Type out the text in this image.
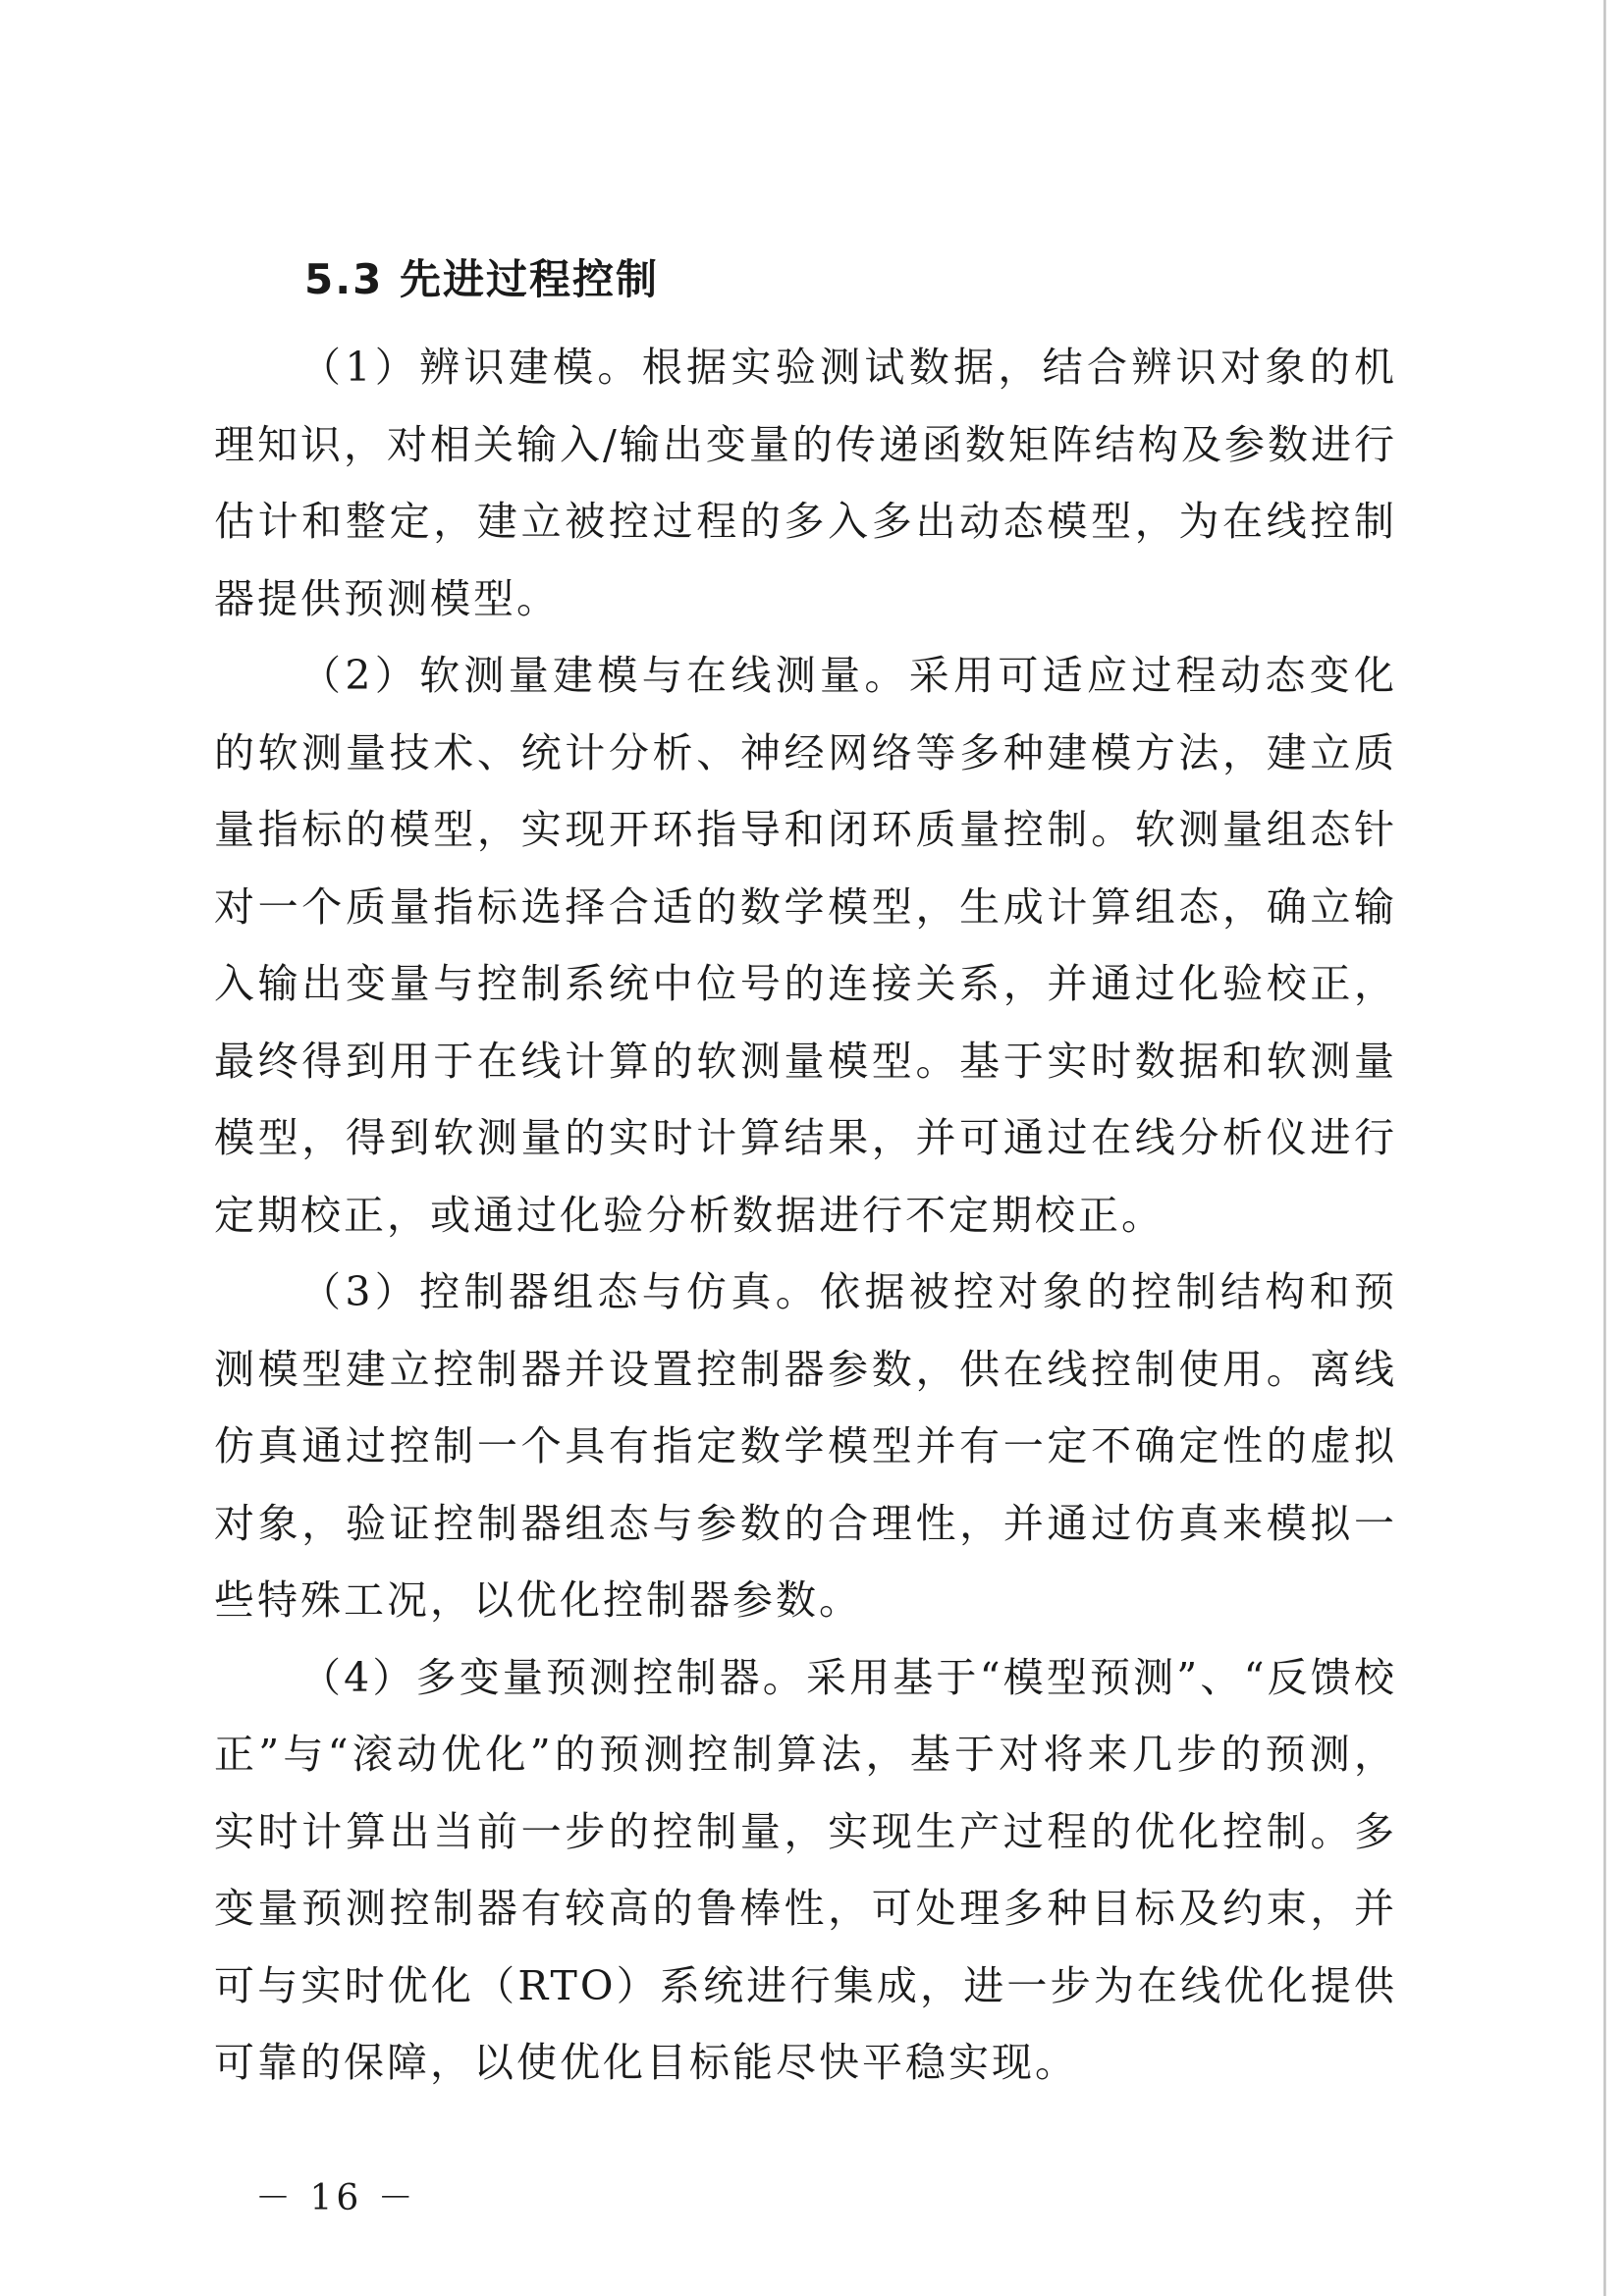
5.3 先进过程控制

（1）辨识建模。根据实验测试数据，结合辨识对象的机理知识，对相关输入/输出变量的传递函数矩阵结构及参数进行估计和整定，建立被控过程的多入多出动态模型，为在线控制器提供预测模型。

（2）软测量建模与在线测量。采用可适应过程动态变化的软测量技术、统计分析、神经网络等多种建模方法，建立质量指标的模型，实现开环指导和闭环质量控制。软测量组态针对一个质量指标选择合适的数学模型，生成计算组态，确立输入输出变量与控制系统中位号的连接关系，并通过化验校正，最终得到用于在线计算的软测量模型。基于实时数据和软测量模型，得到软测量的实时计算结果，并可通过在线分析仪进行定期校正，或通过化验分析数据进行不定期校正。

（3）控制器组态与仿真。依据被控对象的控制结构和预测模型建立控制器并设置控制器参数，供在线控制使用。离线仿真通过控制一个具有指定数学模型并有一定不确定性的虚拟对象，验证控制器组态与参数的合理性，并通过仿真来模拟一些特殊工况，以优化控制器参数。

（4）多变量预测控制器。采用基于“模型预测”、“反馈校正”与“滚动优化”的预测控制算法，基于对将来几步的预测，实时计算出当前一步的控制量，实现生产过程的优化控制。多变量预测控制器有较高的鲁棒性，可处理多种目标及约束，并可与实时优化（RTO）系统进行集成，进一步为在线优化提供可靠的保障，以使优化目标能尽快平稳实现。

－ 16 －
